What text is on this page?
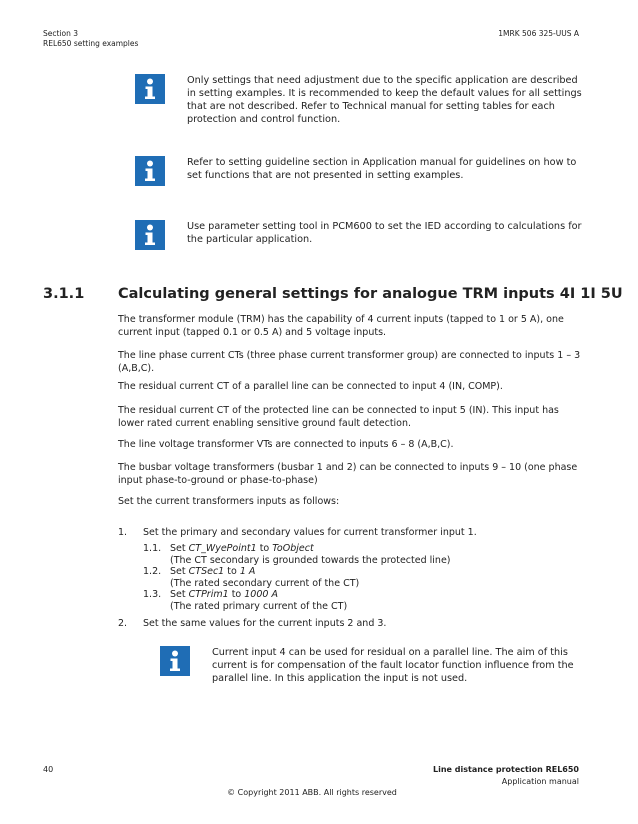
Section 3
REL650 setting examples
1MRK 506 325-UUS A
Only settings that need adjustment due to the specific application are described in setting examples. It is recommended to keep the default values for all settings that are not described. Refer to Technical manual for setting tables for each protection and control function.
Refer to setting guideline section in Application manual for guidelines on how to set functions that are not presented in setting examples.
Use parameter setting tool in PCM600 to set the IED according to calculations for the particular application.
3.1.1 Calculating general settings for analogue TRM inputs 4I 1I 5U
The transformer module (TRM) has the capability of 4 current inputs (tapped to 1 or 5 A), one current input (tapped 0.1 or 0.5 A) and 5 voltage inputs.
The line phase current CTs (three phase current transformer group) are connected to inputs 1 – 3 (A,B,C).
The residual current CT of a parallel line can be connected to input 4 (IN, COMP).
The residual current CT of the protected line can be connected to input 5 (IN). This input has lower rated current enabling sensitive ground fault detection.
The line voltage transformer VTs are connected to inputs 6 – 8 (A,B,C).
The busbar voltage transformers (busbar 1 and 2) can be connected to inputs 9 – 10 (one phase input phase-to-ground or phase-to-phase)
Set the current transformers inputs as follows:
1. Set the primary and secondary values for current transformer input 1.
1.1. Set CT_WyePoint1 to ToObject
(The CT secondary is grounded towards the protected line)
1.2. Set CTSec1 to 1 A
(The rated secondary current of the CT)
1.3. Set CTPrim1 to 1000 A
(The rated primary current of the CT)
2. Set the same values for the current inputs 2 and 3.
Current input 4 can be used for residual on a parallel line. The aim of this current is for compensation of the fault locator function influence from the parallel line. In this application the input is not used.
40	Line distance protection REL650
Application manual
© Copyright 2011 ABB. All rights reserved
